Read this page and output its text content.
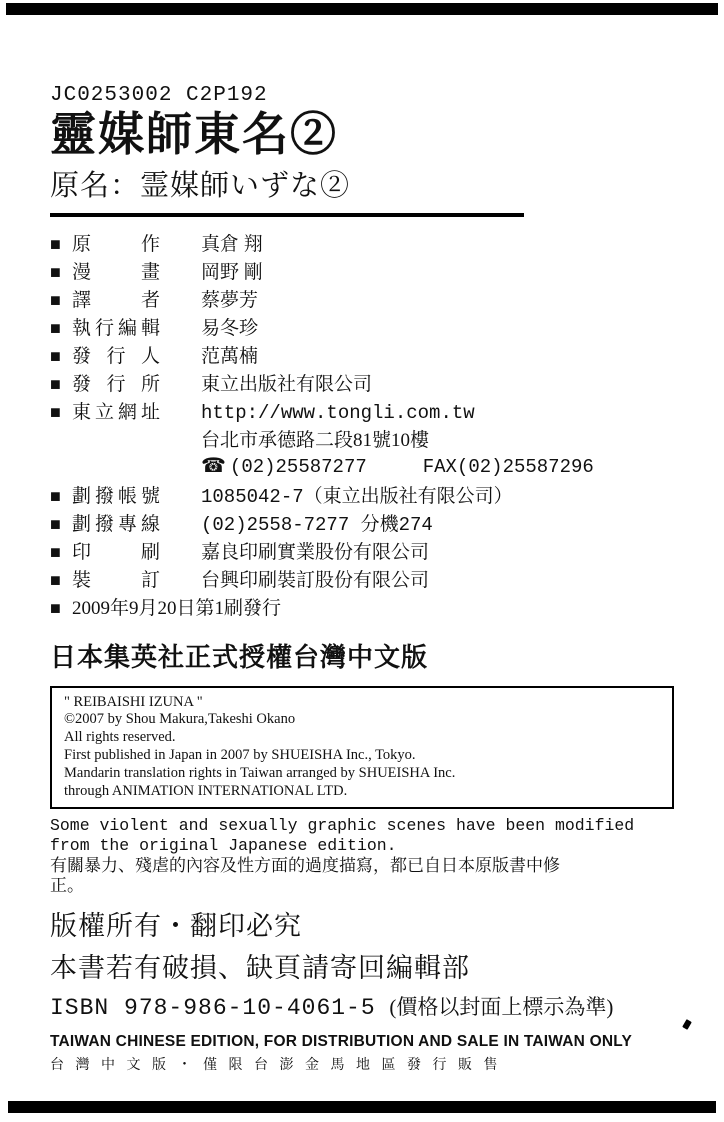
JC0253002 C2P192
靈媒師東名②
原名：霊媒師いずな②
■ 原	作 真倉 翔
■ 漫	畫 岡野 剛
■ 譯	者 蔡夢芳
■ 執 行 編 輯 易冬珍
■ 發 行 人 范萬楠
■ 發 行 所 東立出版社有限公司
■ 東 立 網 址 http://www.tongli.com.tw
台北市承德路二段81號10樓
☎ (02)25587277	FAX(02)25587296
■ 劃 撥 帳 號 1085042-7（東立出版社有限公司）
■ 劃 撥 專 線 (02)2558-7277 分機274
■ 印	刷 嘉良印刷實業股份有限公司
■ 裝	訂 台興印刷裝訂股份有限公司
■ 2009年9月20日第1刷發行
日本集英社正式授權台灣中文版
" REIBAISHI IZUNA "
©2007 by Shou Makura,Takeshi Okano
All rights reserved.
First published in Japan in 2007 by SHUEISHA Inc., Tokyo.
Mandarin translation rights in Taiwan arranged by SHUEISHA Inc.
through ANIMATION INTERNATIONAL LTD.
Some violent and sexually graphic scenes have been modified
from the original Japanese edition.
有關暴力、殘虐的內容及性方面的過度描寫，都已自日本原版書中修
正。
版權所有・翻印必究
本書若有破損、缺頁請寄回編輯部
ISBN 978-986-10-4061-5 (價格以封面上標示為準)
TAIWAN CHINESE EDITION, FOR DISTRIBUTION AND SALE IN TAIWAN ONLY
台灣中文版・僅限台澎金馬地區發行販售
